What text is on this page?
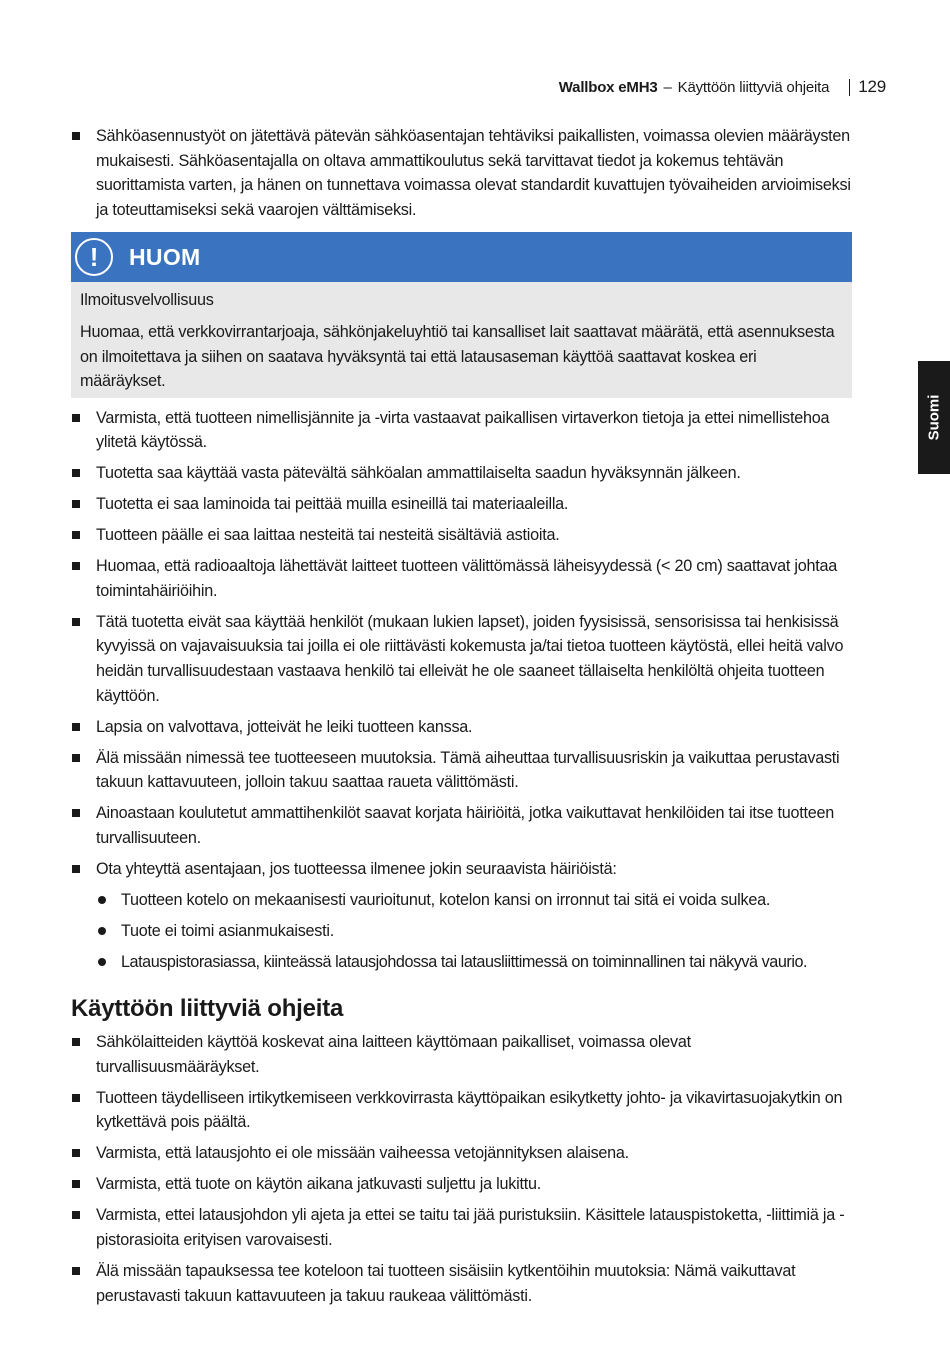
Wallbox eMH3 – Käyttöön liittyviä ohjeita 129
Suomi
Sähköasennustyöt on jätettävä pätevän sähköasentajan tehtäviksi paikallisten, voimassa olevien määräysten mukaisesti. Sähköasentajalla on oltava ammattikoulutus sekä tarvittavat tiedot ja kokemus tehtävän suorittamista varten, ja hänen on tunnettava voimassa olevat standardit kuvattujen työvaiheiden arvioimiseksi ja toteuttamiseksi sekä vaarojen välttämiseksi.
!	HUOM
Ilmoitusvelvollisuus
Huomaa, että verkkovirrantarjoaja, sähkönjakeluyhtiö tai kansalliset lait saattavat määrätä, että asennuksesta on ilmoitettava ja siihen on saatava hyväksyntä tai että latausaseman käyttöä saattavat koskea eri määräykset.
Varmista, että tuotteen nimellisjännite ja -virta vastaavat paikallisen virtaverkon tietoja ja ettei nimellistehoa ylitetä käytössä.
Tuotetta saa käyttää vasta pätevältä sähköalan ammattilaiselta saadun hyväksynnän jälkeen.
Tuotetta ei saa laminoida tai peittää muilla esineillä tai materiaaleilla.
Tuotteen päälle ei saa laittaa nesteitä tai nesteitä sisältäviä astioita.
Huomaa, että radioaaltoja lähettävät laitteet tuotteen välittömässä läheisyydessä (< 20 cm) saattavat johtaa toimintahäiriöihin.
Tätä tuotetta eivät saa käyttää henkilöt (mukaan lukien lapset), joiden fyysisissä, sensorisissa tai henkisissä kyvyissä on vajavaisuuksia tai joilla ei ole riittävästi kokemusta ja/tai tietoa tuotteen käytöstä, ellei heitä valvo heidän turvallisuudestaan vastaava henkilö tai elleivät he ole saaneet tällaiselta henkilöltä ohjeita tuotteen käyttöön.
Lapsia on valvottava, jotteivät he leiki tuotteen kanssa.
Älä missään nimessä tee tuotteeseen muutoksia. Tämä aiheuttaa turvallisuusriskin ja vaikuttaa perustavasti takuun kattavuuteen, jolloin takuu saattaa raueta välittömästi.
Ainoastaan koulutetut ammattihenkilöt saavat korjata häiriöitä, jotka vaikuttavat henkilöiden tai itse tuotteen turvallisuuteen.
Ota yhteyttä asentajaan, jos tuotteessa ilmenee jokin seuraavista häiriöistä:
Tuotteen kotelo on mekaanisesti vaurioitunut, kotelon kansi on irronnut tai sitä ei voida sulkea.
Tuote ei toimi asianmukaisesti.
Latauspistorasiassa, kiinteässä latausjohdossa tai latausliittimessä on toiminnallinen tai näkyvä vaurio.
Käyttöön liittyviä ohjeita
Sähkölaitteiden käyttöä koskevat aina laitteen käyttömaan paikalliset, voimassa olevat turvallisuusmääräykset.
Tuotteen täydelliseen irtikytkemiseen verkkovirrasta käyttöpaikan esikytketty johto- ja vikavirtasuojakytkin on kytkettävä pois päältä.
Varmista, että latausjohto ei ole missään vaiheessa vetojännityksen alaisena.
Varmista, että tuote on käytön aikana jatkuvasti suljettu ja lukittu.
Varmista, ettei latausjohdon yli ajeta ja ettei se taitu tai jää puristuksiin. Käsittele latauspistoketta, -liittimiä ja -pistorasioita erityisen varovaisesti.
Älä missään tapauksessa tee koteloon tai tuotteen sisäisiin kytkentöihin muutoksia: Nämä vaikuttavat perustavasti takuun kattavuuteen ja takuu raukeaa välittömästi.
